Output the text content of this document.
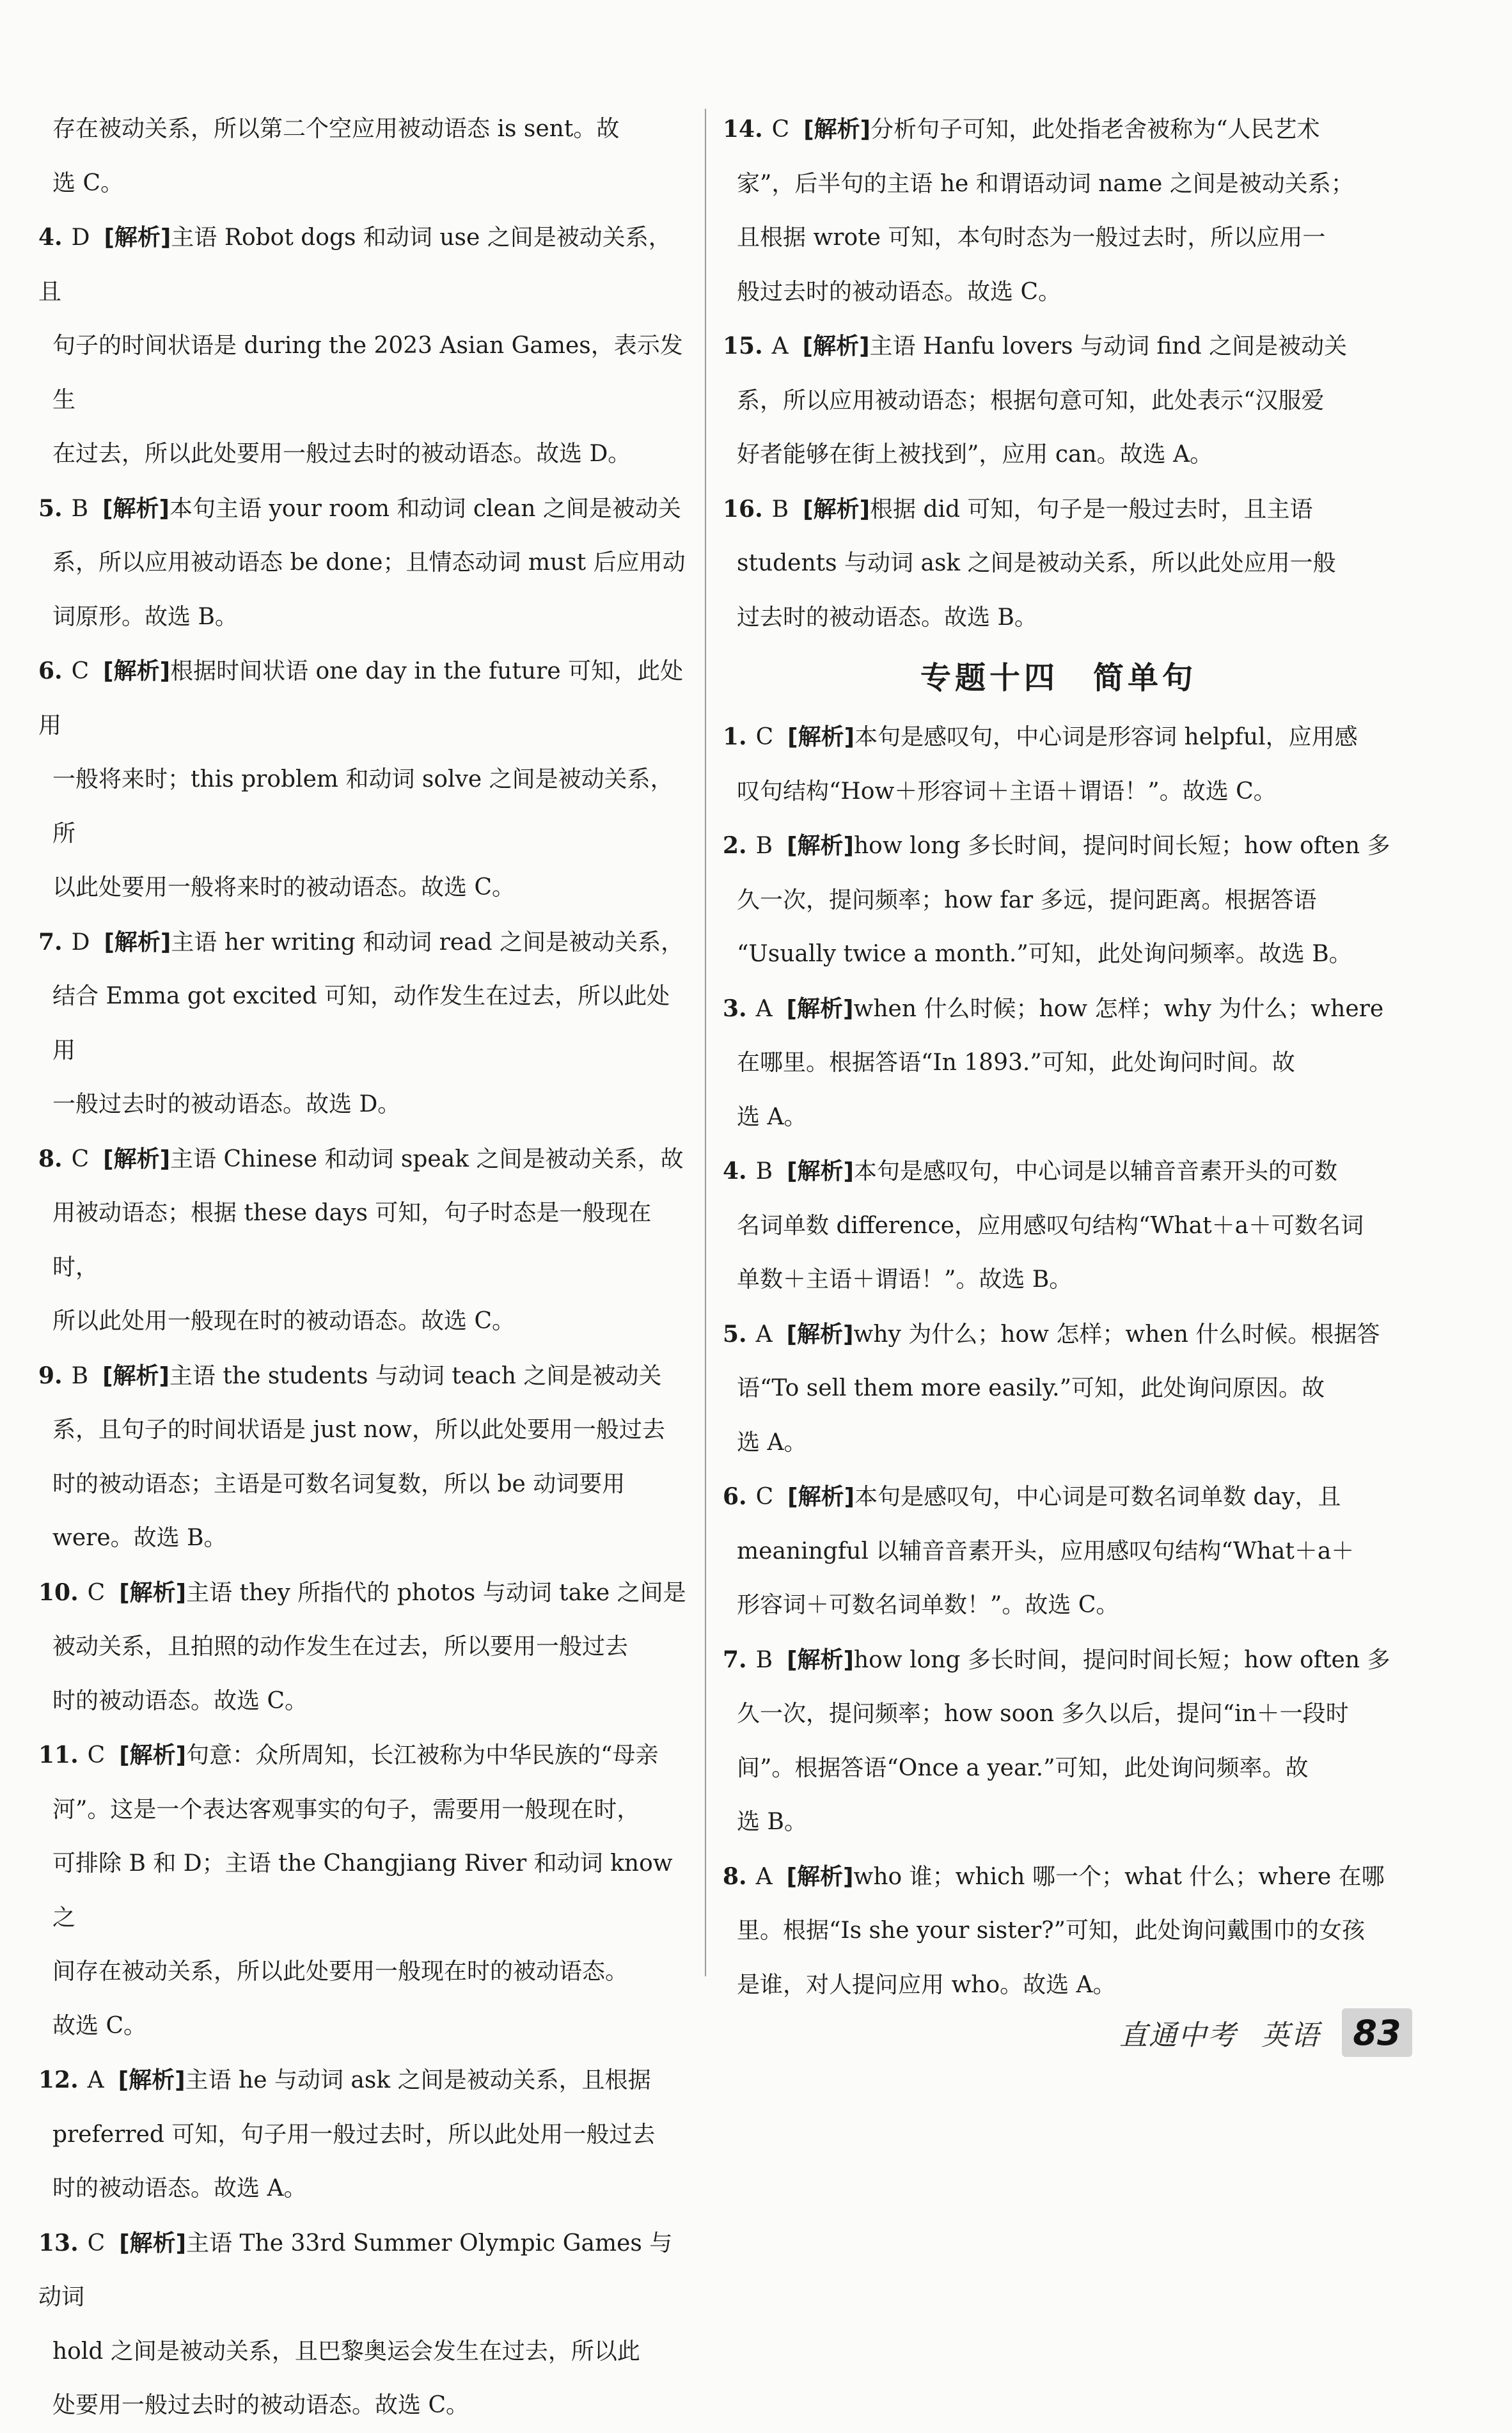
存在被动关系，所以第二个空应用被动语态 is sent。故

选 C。

4. D [解析]主语 Robot dogs 和动词 use 之间是被动关系，且

句子的时间状语是 during the 2023 Asian Games，表示发生

在过去，所以此处要用一般过去时的被动语态。故选 D。

5. B [解析]本句主语 your room 和动词 clean 之间是被动关

系，所以应用被动语态 be done；且情态动词 must 后应用动

词原形。故选 B。

6. C [解析]根据时间状语 one day in the future 可知，此处用

一般将来时；this problem 和动词 solve 之间是被动关系，所

以此处要用一般将来时的被动语态。故选 C。

7. D [解析]主语 her writing 和动词 read 之间是被动关系，

结合 Emma got excited 可知，动作发生在过去，所以此处用

一般过去时的被动语态。故选 D。

8. C [解析]主语 Chinese 和动词 speak 之间是被动关系，故

用被动语态；根据 these days 可知，句子时态是一般现在时，

所以此处用一般现在时的被动语态。故选 C。

9. B [解析]主语 the students 与动词 teach 之间是被动关

系，且句子的时间状语是 just now，所以此处要用一般过去

时的被动语态；主语是可数名词复数，所以 be 动词要用

were。故选 B。

10. C [解析]主语 they 所指代的 photos 与动词 take 之间是

被动关系，且拍照的动作发生在过去，所以要用一般过去

时的被动语态。故选 C。

11. C [解析]句意：众所周知，长江被称为中华民族的“母亲

河”。这是一个表达客观事实的句子，需要用一般现在时，

可排除 B 和 D；主语 the Changjiang River 和动词 know 之

间存在被动关系，所以此处要用一般现在时的被动语态。

故选 C。

12. A [解析]主语 he 与动词 ask 之间是被动关系，且根据

preferred 可知，句子用一般过去时，所以此处用一般过去

时的被动语态。故选 A。

13. C [解析]主语 The 33rd Summer Olympic Games 与动词

hold 之间是被动关系，且巴黎奥运会发生在过去，所以此

处要用一般过去时的被动语态。故选 C。

14. C [解析]分析句子可知，此处指老舍被称为“人民艺术

家”，后半句的主语 he 和谓语动词 name 之间是被动关系；

且根据 wrote 可知，本句时态为一般过去时，所以应用一

般过去时的被动语态。故选 C。

15. A [解析]主语 Hanfu lovers 与动词 find 之间是被动关

系，所以应用被动语态；根据句意可知，此处表示“汉服爱

好者能够在街上被找到”，应用 can。故选 A。

16. B [解析]根据 did 可知，句子是一般过去时，且主语

students 与动词 ask 之间是被动关系，所以此处应用一般

过去时的被动语态。故选 B。

专题十四　简单句

1. C [解析]本句是感叹句，中心词是形容词 helpful，应用感

叹句结构“How＋形容词＋主语＋谓语！”。故选 C。

2. B [解析]how long 多长时间，提问时间长短；how often 多

久一次，提问频率；how far 多远，提问距离。根据答语

“Usually twice a month.”可知，此处询问频率。故选 B。

3. A [解析]when 什么时候；how 怎样；why 为什么；where

在哪里。根据答语“In 1893.”可知，此处询问时间。故

选 A。

4. B [解析]本句是感叹句，中心词是以辅音音素开头的可数

名词单数 difference，应用感叹句结构“What＋a＋可数名词

单数＋主语＋谓语！”。故选 B。

5. A [解析]why 为什么；how 怎样；when 什么时候。根据答

语“To sell them more easily.”可知，此处询问原因。故

选 A。

6. C [解析]本句是感叹句，中心词是可数名词单数 day，且

meaningful 以辅音音素开头，应用感叹句结构“What＋a＋

形容词＋可数名词单数！”。故选 C。

7. B [解析]how long 多长时间，提问时间长短；how often 多

久一次，提问频率；how soon 多久以后，提问“in＋一段时

间”。根据答语“Once a year.”可知，此处询问频率。故

选 B。

8. A [解析]who 谁；which 哪一个；what 什么；where 在哪

里。根据“Is she your sister?”可知，此处询问戴围巾的女孩

是谁，对人提问应用 who。故选 A。

直通中考 英语 83
